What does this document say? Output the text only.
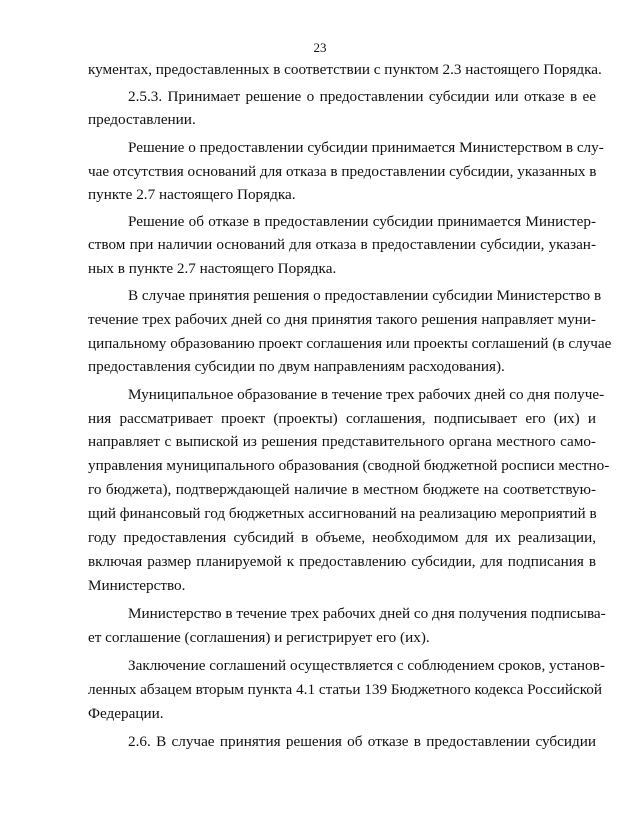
23
кументах, предоставленных в соответствии с пунктом 2.3 настоящего Порядка.
2.5.3. Принимает решение о предоставлении субсидии или отказе в ее
предоставлении.
Решение о предоставлении субсидии принимается Министерством в слу-
чае отсутствия оснований для отказа в предоставлении субсидии, указанных в
пункте 2.7 настоящего Порядка.
Решение об отказе в предоставлении субсидии принимается Министер-
ством при наличии оснований для отказа в предоставлении субсидии, указан-
ных в пункте 2.7 настоящего Порядка.
В случае принятия решения о предоставлении субсидии Министерство в
течение трех рабочих дней со дня принятия такого решения направляет муни-
ципальному образованию проект соглашения или проекты соглашений (в случае
предоставления субсидии по двум направлениям расходования).
Муниципальное образование в течение трех рабочих дней со дня получе-
ния рассматривает проект (проекты) соглашения, подписывает его (их) и
направляет с выпиской из решения представительного органа местного само-
управления муниципального образования (сводной бюджетной росписи местно-
го бюджета), подтверждающей наличие в местном бюджете на соответствую-
щий финансовый год бюджетных ассигнований на реализацию мероприятий в
году предоставления субсидий в объеме, необходимом для их реализации,
включая размер планируемой к предоставлению субсидии, для подписания в
Министерство.
Министерство в течение трех рабочих дней со дня получения подписыва-
ет соглашение (соглашения) и регистрирует его (их).
Заключение соглашений осуществляется с соблюдением сроков, установ-
ленных абзацем вторым пункта 4.1 статьи 139 Бюджетного кодекса Российской
Федерации.
2.6. В случае принятия решения об отказе в предоставлении субсидии
